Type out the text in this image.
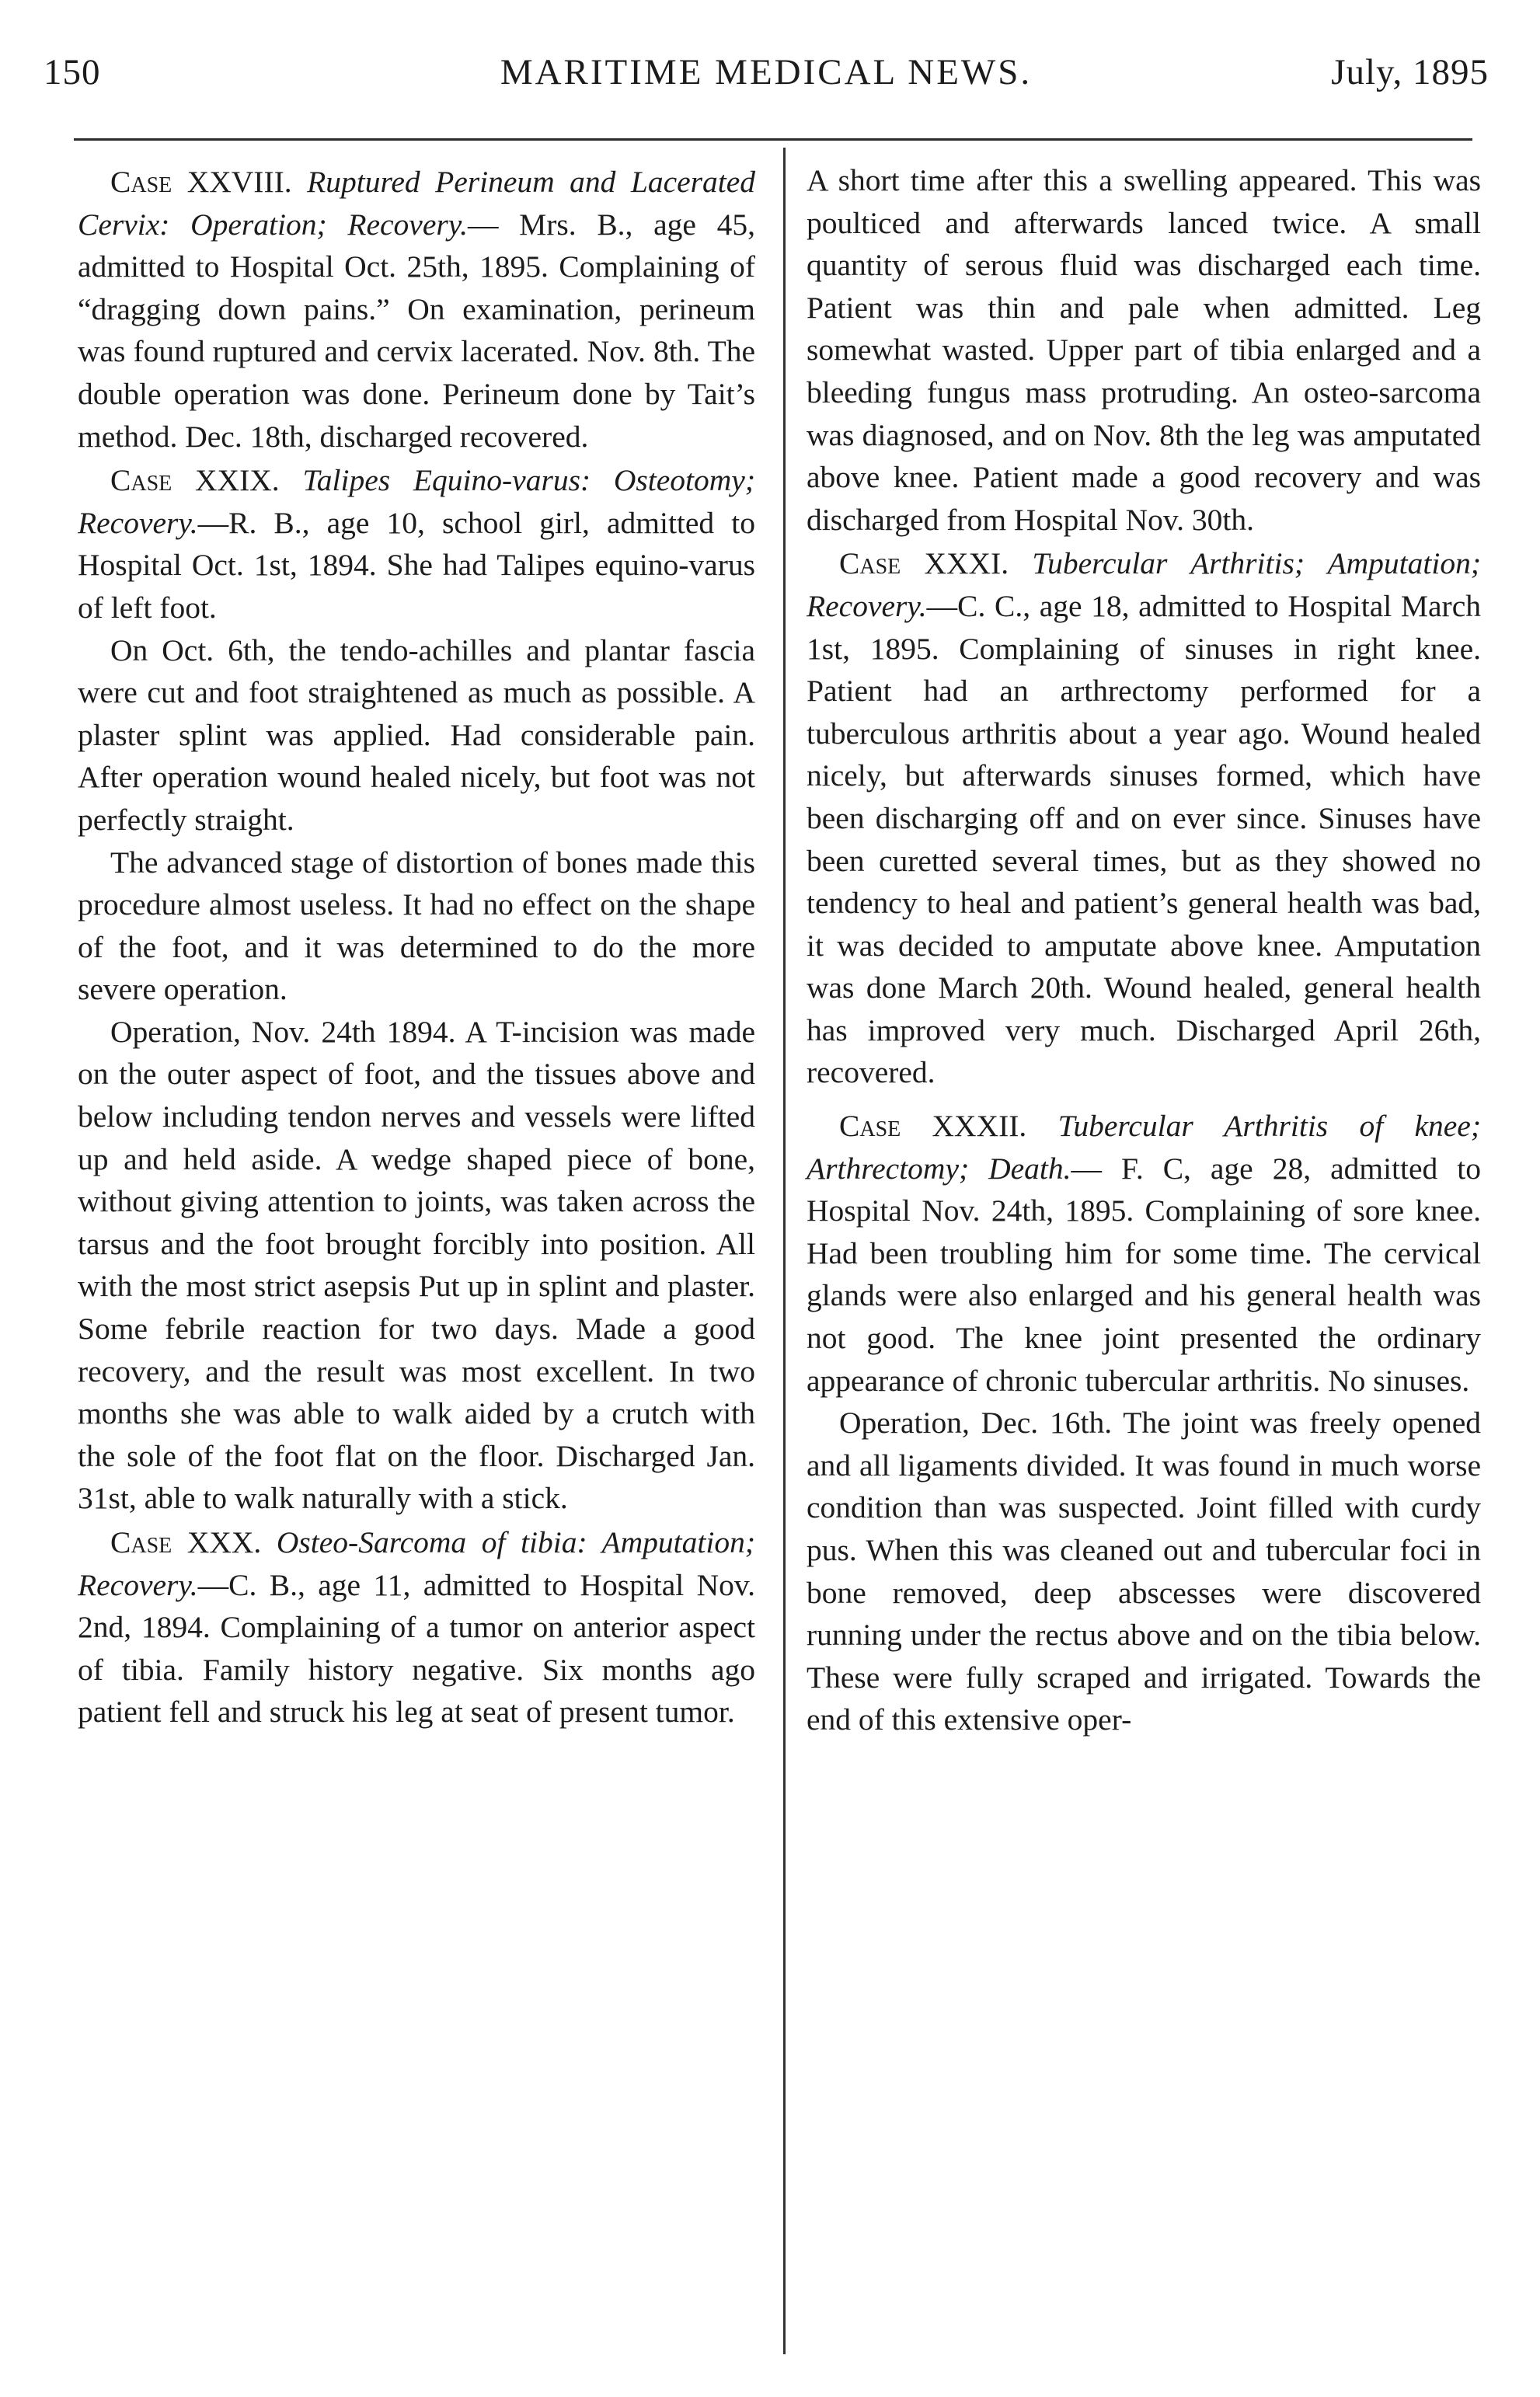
150	MARITIME MEDICAL NEWS.	July, 1895

Case XXVIII. Ruptured Perineum and Lacerated Cervix: Operation; Recovery.— Mrs. B., age 45, admitted to Hospital Oct. 25th, 1895. Complaining of “dragging down pains.” On examination, perineum was found ruptured and cervix lacerated. Nov. 8th. The double operation was done. Perineum done by Tait’s method. Dec. 18th, discharged recovered.

Case XXIX. Talipes Equino-varus: Osteotomy; Recovery.—R. B., age 10, school girl, admitted to Hospital Oct. 1st, 1894. She had Talipes equino-varus of left foot.

On Oct. 6th, the tendo-achilles and plantar fascia were cut and foot straightened as much as possible. A plaster splint was applied. Had considerable pain. After operation wound healed nicely, but foot was not perfectly straight.

The advanced stage of distortion of bones made this procedure almost useless. It had no effect on the shape of the foot, and it was determined to do the more severe operation.

Operation, Nov. 24th 1894. A T-incision was made on the outer aspect of foot, and the tissues above and below including tendon nerves and vessels were lifted up and held aside. A wedge shaped piece of bone, without giving attention to joints, was taken across the tarsus and the foot brought forcibly into position. All with the most strict asepsis Put up in splint and plaster. Some febrile reaction for two days. Made a good recovery, and the result was most excellent. In two months she was able to walk aided by a crutch with the sole of the foot flat on the floor. Discharged Jan. 31st, able to walk naturally with a stick.

Case XXX. Osteo-Sarcoma of tibia: Amputation; Recovery.—C. B., age 11, admitted to Hospital Nov. 2nd, 1894. Complaining of a tumor on anterior aspect of tibia. Family history negative. Six months ago patient fell and struck his leg at seat of present tumor.

A short time after this a swelling appeared. This was poulticed and afterwards lanced twice. A small quantity of serous fluid was discharged each time. Patient was thin and pale when admitted. Leg somewhat wasted. Upper part of tibia enlarged and a bleeding fungus mass protruding. An osteo-sarcoma was diagnosed, and on Nov. 8th the leg was amputated above knee. Patient made a good recovery and was discharged from Hospital Nov. 30th.

Case XXXI. Tubercular Arthritis; Amputation; Recovery.—C. C., age 18, admitted to Hospital March 1st, 1895. Complaining of sinuses in right knee. Patient had an arthrectomy performed for a tuberculous arthritis about a year ago. Wound healed nicely, but afterwards sinuses formed, which have been discharging off and on ever since. Sinuses have been curetted several times, but as they showed no tendency to heal and patient’s general health was bad, it was decided to amputate above knee. Amputation was done March 20th. Wound healed, general health has improved very much. Discharged April 26th, recovered.

Case XXXII. Tubercular Arthritis of knee; Arthrectomy; Death.— F. C, age 28, admitted to Hospital Nov. 24th, 1895. Complaining of sore knee. Had been troubling him for some time. The cervical glands were also enlarged and his general health was not good. The knee joint presented the ordinary appearance of chronic tubercular arthritis. No sinuses.

Operation, Dec. 16th. The joint was freely opened and all ligaments divided. It was found in much worse condition than was suspected. Joint filled with curdy pus. When this was cleaned out and tubercular foci in bone removed, deep abscesses were discovered running under the rectus above and on the tibia below. These were fully scraped and irrigated. Towards the end of this extensive oper-
